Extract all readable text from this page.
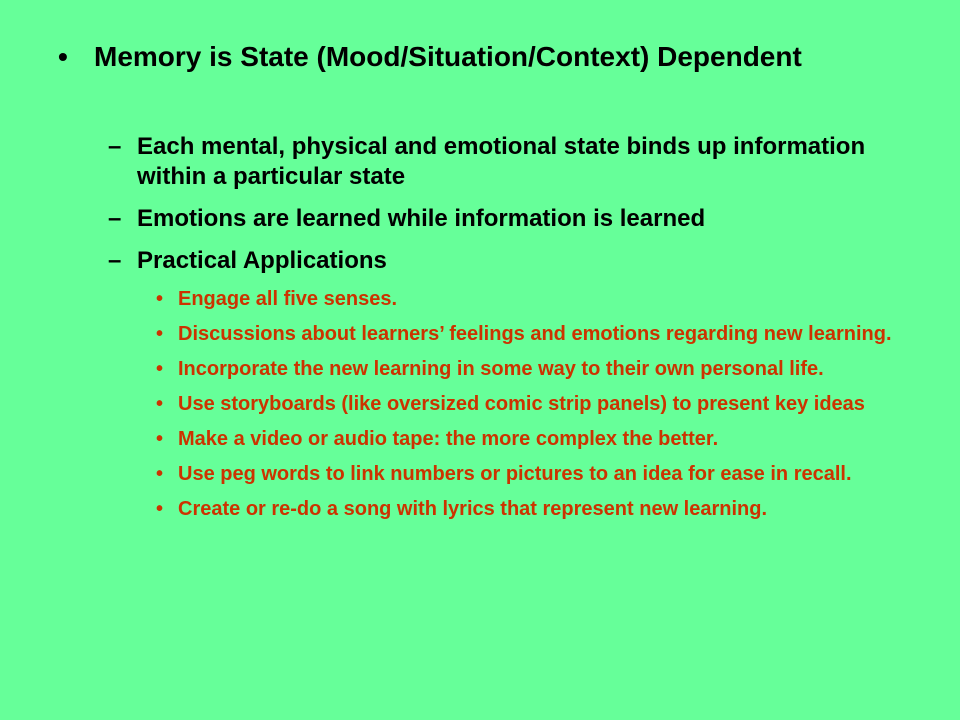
• Memory is State (Mood/Situation/Context) Dependent
– Each mental, physical and emotional state binds up information within a particular state
– Emotions are learned while information is learned
– Practical Applications
• Engage all five senses.
• Discussions about learners’ feelings and emotions regarding new learning.
• Incorporate the new learning in some way to their own personal life.
• Use storyboards (like oversized comic strip panels) to present key ideas
• Make a video or audio tape: the more complex the better.
• Use peg words to link numbers or pictures to an idea for ease in recall.
• Create or re-do a song with lyrics that represent new learning.
